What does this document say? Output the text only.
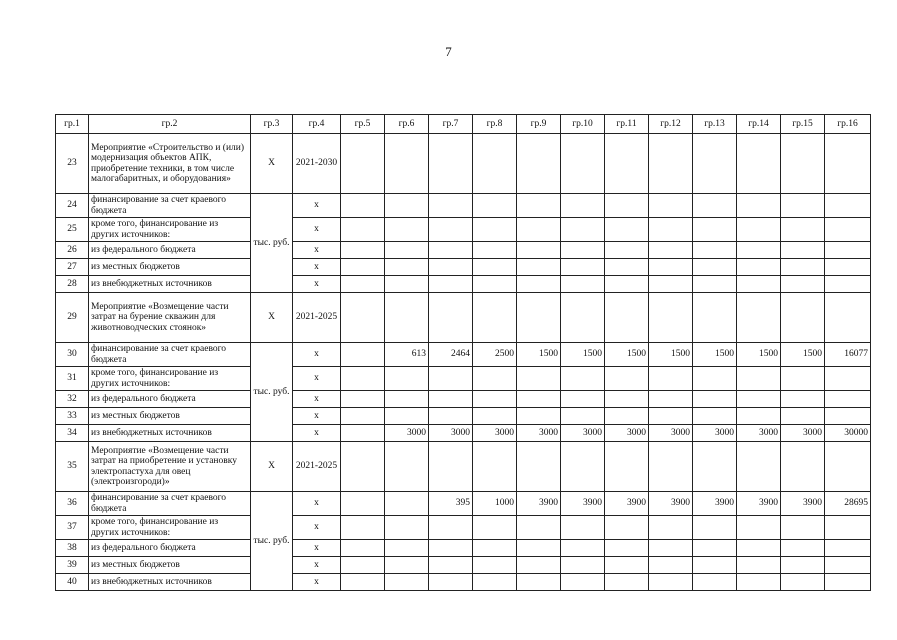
7
гр.1	гр.2	гр.3	гр.4	гр.5	гр.6	гр.7	гр.8	гр.9	гр.10	гр.11	гр.12	гр.13	гр.14	гр.15	гр.16
23	Мероприятие «Строительство и (или) модернизация объектов АПК, приобретение техники, в том числе малогабаритных, и оборудования»	Х	2021-2030												
24	финансирование за счет краевого бюджета	тыс. руб.	х												
25	кроме того, финансирование из других источников:		х												
26	из федерального бюджета		х												
27	из местных бюджетов		х												
28	из внебюджетных источников		х												
29	Мероприятие «Возмещение части затрат на бурение скважин для животноводческих стоянок»	Х	2021-2025												
30	финансирование за счет краевого бюджета	тыс. руб.	х		613	2464	2500	1500	1500	1500	1500	1500	1500	1500	16077
31	кроме того, финансирование из других источников:		х												
32	из федерального бюджета		х												
33	из местных бюджетов		х												
34	из внебюджетных источников		х		3000	3000	3000	3000	3000	3000	3000	3000	3000	3000	30000
35	Мероприятие «Возмещение части затрат на приобретение и установку электропастуха для овец (электроизгороди)»	Х	2021-2025												
36	финансирование за счет краевого бюджета	тыс. руб.	х			395	1000	3900	3900	3900	3900	3900	3900	3900	28695
37	кроме того, финансирование из других источников:		х												
38	из федерального бюджета		х												
39	из местных бюджетов		х												
40	из внебюджетных источников		х												
